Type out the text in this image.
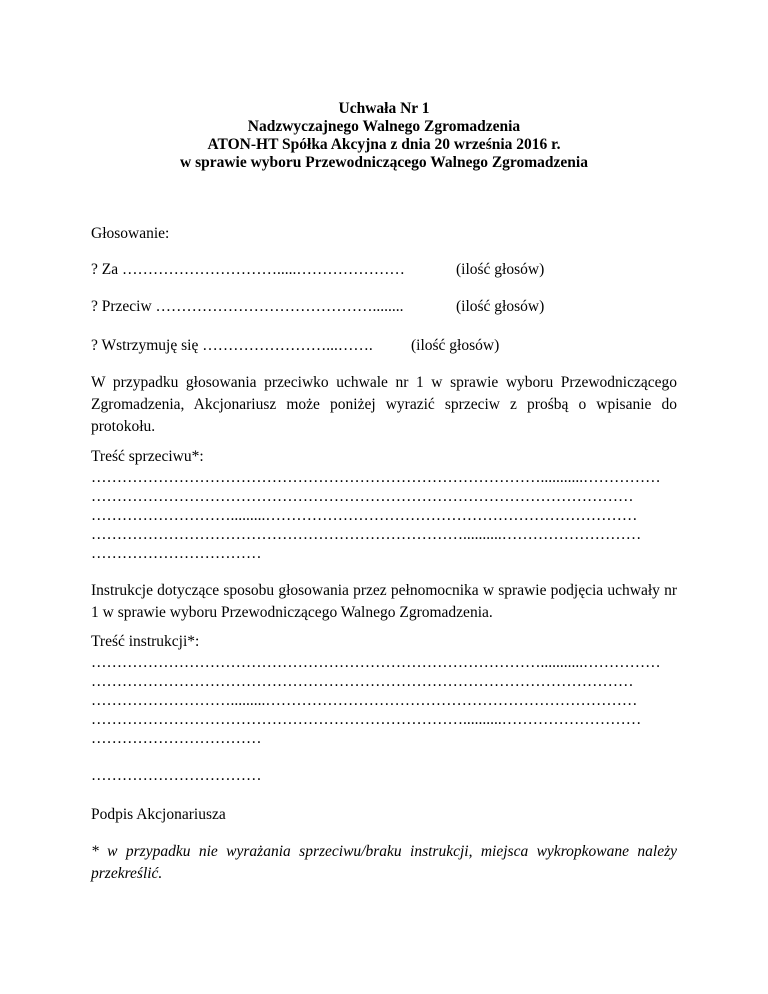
Uchwała Nr 1
Nadzwyczajnego Walnego Zgromadzenia
ATON-HT Spółka Akcyjna z dnia 20 września 2016 r.
w sprawie wyboru Przewodniczącego Walnego Zgromadzenia
Głosowanie:
? Za ………………………….....…………………	(ilość głosów)
? Przeciw ……………………………………........	(ilość głosów)
? Wstrzymuję się ……………………...……. (ilość głosów)
W przypadku głosowania przeciwko uchwale nr 1 w sprawie wyboru Przewodniczącego Zgromadzenia, Akcjonariusz może poniżej wyrazić sprzeciw z prośbą o wpisanie do protokołu.
Treść sprzeciwu*:
……………………………………………………………………………...........……………
……………………………………………………………………………………………
……………………….........………………………………………………………………
………………………………………………………………..........………………………
……………………………
Instrukcje dotyczące sposobu głosowania przez pełnomocnika w sprawie podjęcia uchwały nr 1 w sprawie wyboru Przewodniczącego Walnego Zgromadzenia.
Treść instrukcji*:
……………………………………………………………………………...........……………
……………………………………………………………………………………………
……………………….........………………………………………………………………
………………………………………………………………..........………………………
……………………………
……………………………
Podpis Akcjonariusza
* w przypadku nie wyrażania sprzeciwu/braku instrukcji, miejsca wykropkowane należy przekreślić.
